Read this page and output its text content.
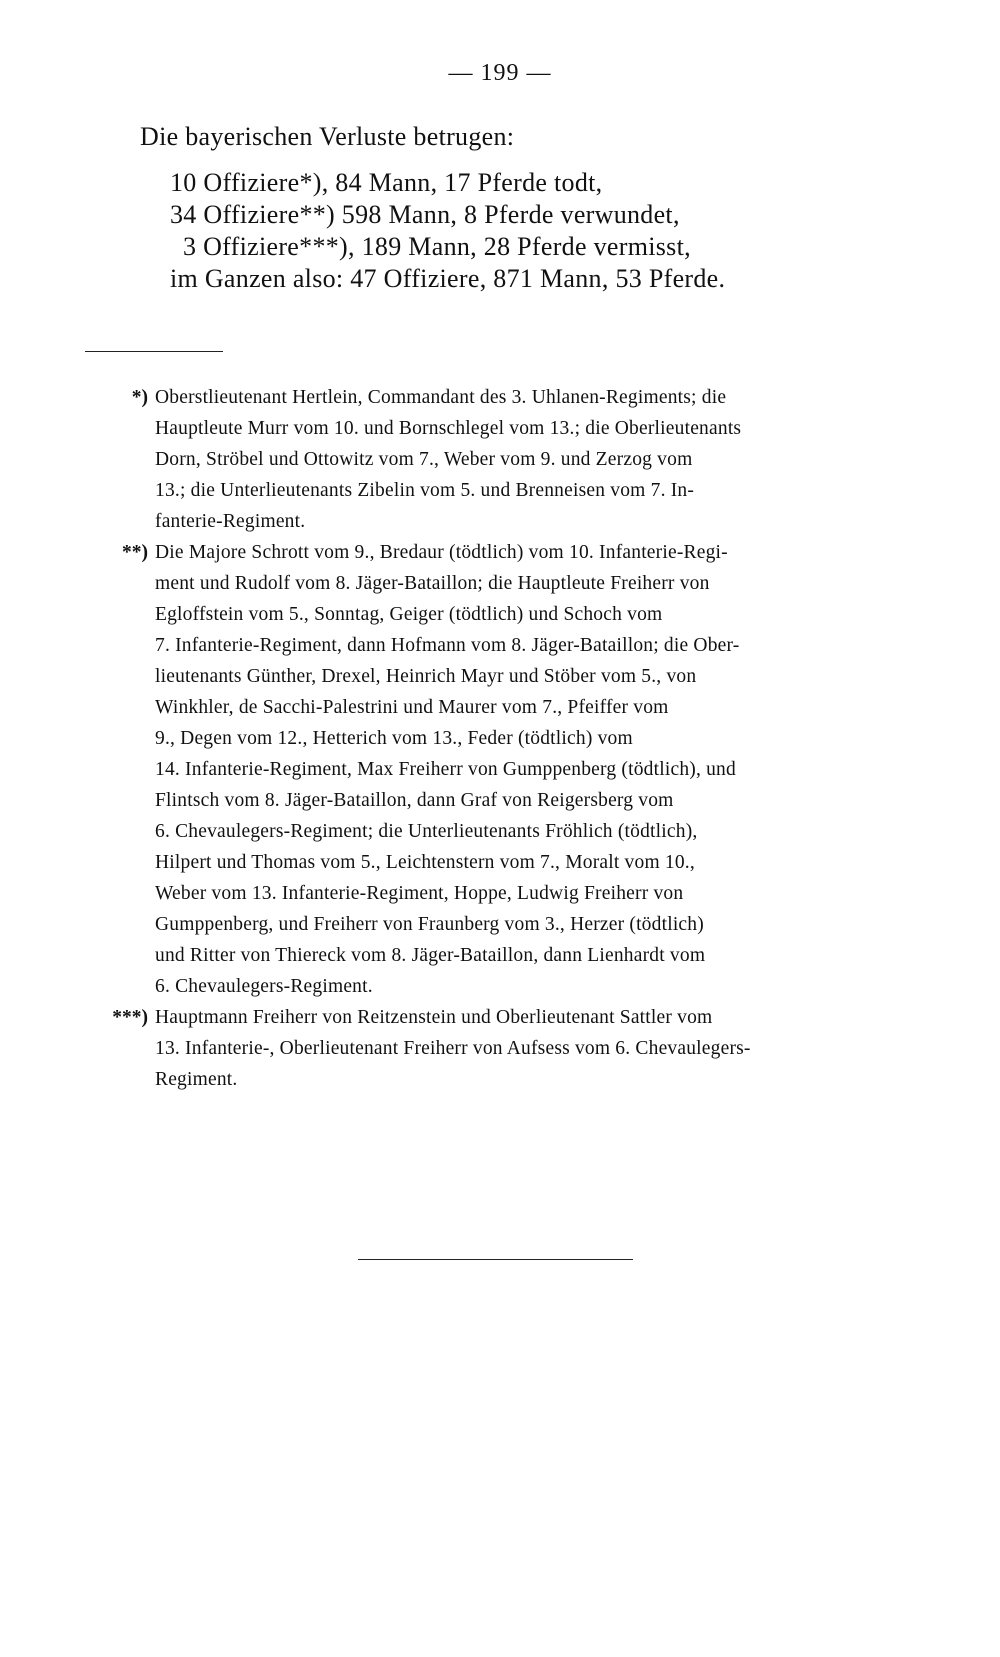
— 199 —
Die bayerischen Verluste betrugen:
10 Offiziere*), 84 Mann, 17 Pferde todt,
34 Offiziere**) 598 Mann, 8 Pferde verwundet,
3 Offiziere***), 189 Mann, 28 Pferde vermisst,
im Ganzen also: 47 Offiziere, 871 Mann, 53 Pferde.
*) Oberstlieutenant Hertlein, Commandant des 3. Uhlanen-Regiments; die
Hauptleute Murr vom 10. und Bornschlegel vom 13.; die Oberlieutenants
Dorn, Ströbel und Ottowitz vom 7., Weber vom 9. und Zerzog vom
13.; die Unterlieutenants Zibelin vom 5. und Brenneisen vom 7. In-
fanterie-Regiment.
**) Die Majore Schrott vom 9., Bredaur (tödtlich) vom 10. Infanterie-Regi-
ment und Rudolf vom 8. Jäger-Bataillon; die Hauptleute Freiherr von
Egloffstein vom 5., Sonntag, Geiger (tödtlich) und Schoch vom
7. Infanterie-Regiment, dann Hofmann vom 8. Jäger-Bataillon; die Ober-
lieutenants Günther, Drexel, Heinrich Mayr und Stöber vom 5., von
Winkhler, de Sacchi-Palestrini und Maurer vom 7., Pfeiffer vom
9., Degen vom 12., Hetterich vom 13., Feder (tödtlich) vom
14. Infanterie-Regiment, Max Freiherr von Gumppenberg (tödtlich), und
Flintsch vom 8. Jäger-Bataillon, dann Graf von Reigersberg vom
6. Chevaulegers-Regiment; die Unterlieutenants Fröhlich (tödtlich),
Hilpert und Thomas vom 5., Leichtenstern vom 7., Moralt vom 10.,
Weber vom 13. Infanterie-Regiment, Hoppe, Ludwig Freiherr von
Gumppenberg, und Freiherr von Fraunberg vom 3., Herzer (tödtlich)
und Ritter von Thiereck vom 8. Jäger-Bataillon, dann Lienhardt vom
6. Chevaulegers-Regiment.
***) Hauptmann Freiherr von Reitzenstein und Oberlieutenant Sattler vom
13. Infanterie-, Oberlieutenant Freiherr von Aufsess vom 6. Chevaulegers-
Regiment.
